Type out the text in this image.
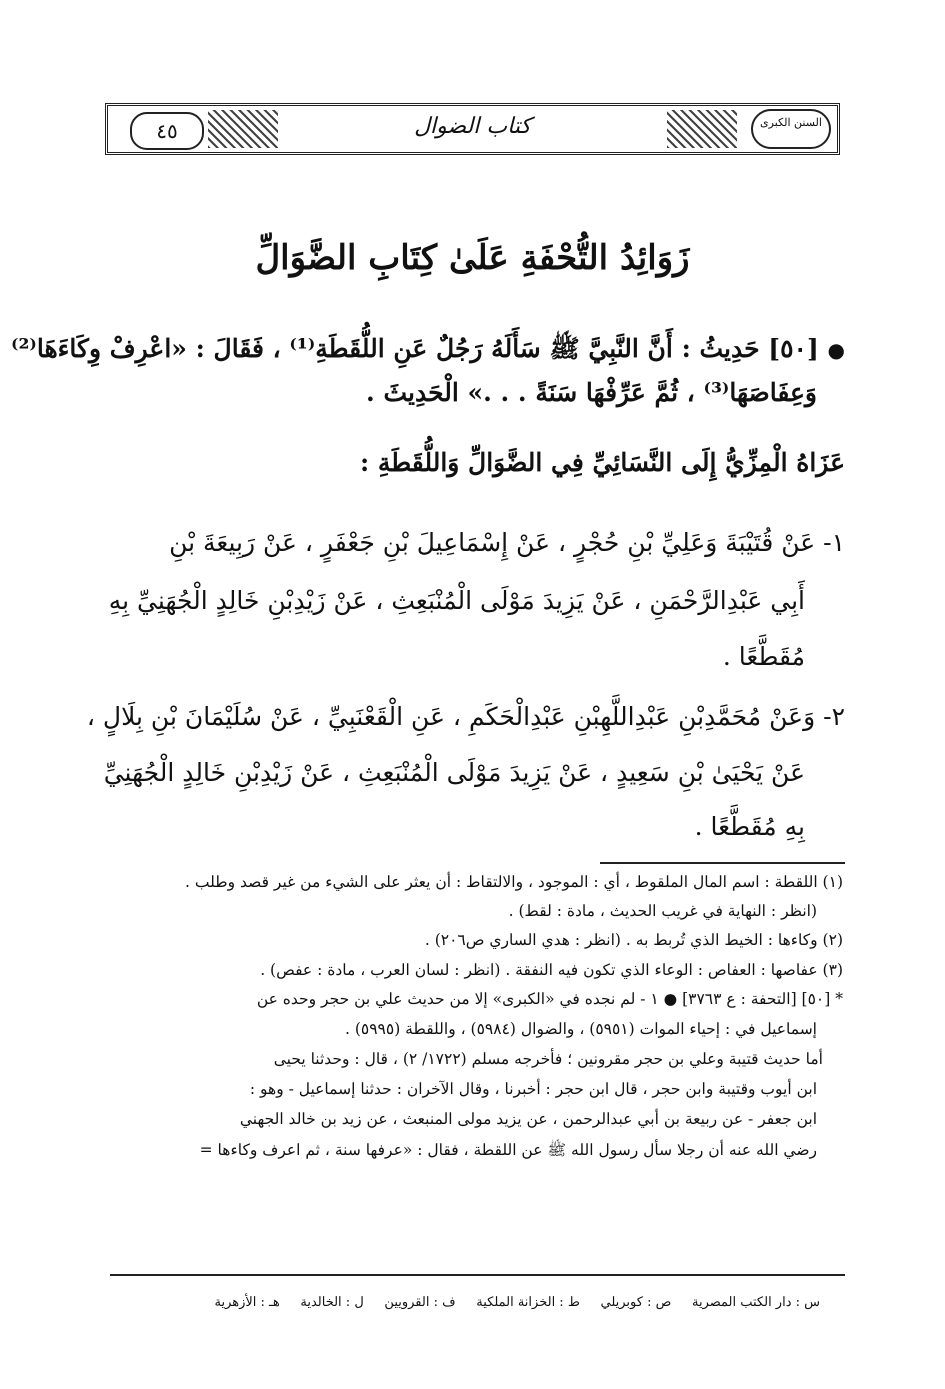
٤٥	كتاب الضوال	السنن الكبرى
زَوَائِدُ التُّحْفَةِ عَلَىٰ كِتَابِ الضَّوَالِّ
● [٥٠] حَدِيثُ : أَنَّ النَّبِيَّ ﷺ سَأَلَهُ رَجُلٌ عَنِ اللُّقَطَةِ⁽¹⁾ ، فَقَالَ : «اعْرِفْ وِكَاءَهَا⁽²⁾
وَعِفَاصَهَا⁽³⁾ ، ثُمَّ عَرِّفْهَا سَنَةً . . .» الْحَدِيثَ .
عَزَاهُ الْمِزِّيُّ إِلَى النَّسَائِيِّ فِي الضَّوَالِّ وَاللُّقَطَةِ :
١- عَنْ قُتَيْبَةَ وَعَلِيِّ بْنِ حُجْرٍ ، عَنْ إِسْمَاعِيلَ بْنِ جَعْفَرٍ ، عَنْ رَبِيعَةَ بْنِ
أَبِي عَبْدِالرَّحْمَنِ ، عَنْ يَزِيدَ مَوْلَى الْمُنْبَعِثِ ، عَنْ زَيْدِبْنِ خَالِدٍ الْجُهَنِيِّ بِهِ
مُقَطَّعًا .
٢- وَعَنْ مُحَمَّدِبْنِ عَبْدِاللَّهِبْنِ عَبْدِالْحَكَمِ ، عَنِ الْقَعْنَبِيِّ ، عَنْ سُلَيْمَانَ بْنِ بِلَالٍ ،
عَنْ يَحْيَىٰ بْنِ سَعِيدٍ ، عَنْ يَزِيدَ مَوْلَى الْمُنْبَعِثِ ، عَنْ زَيْدِبْنِ خَالِدٍ الْجُهَنِيِّ
بِهِ مُقَطَّعًا .
(١) اللقطة : اسم المال الملقوط ، أي : الموجود ، والالتقاط : أن يعثر على الشيء من غير قصد وطلب .
(انظر : النهاية في غريب الحديث ، مادة : لقط) .
(٢) وكاءها : الخيط الذي تُربط به . (انظر : هدي الساري ص٢٠٦) .
(٣) عفاصها : العفاص : الوعاء الذي تكون فيه النفقة . (انظر : لسان العرب ، مادة : عفص) .
* [٥٠] [التحفة : ع ٣٧٦٣] ● ١ - لم نجده في «الكبرى» إلا من حديث علي بن حجر وحده عن
إسماعيل في : إحياء الموات (٥٩٥١) ، والضوال (٥٩٨٤) ، واللقطة (٥٩٩٥) .
أما حديث قتيبة وعلي بن حجر مقرونين ؛ فأخرجه مسلم (١٧٢٢/ ٢) ، قال : وحدثنا يحيى
ابن أيوب وقتيبة وابن حجر ، قال ابن حجر : أخبرنا ، وقال الآخران : حدثنا إسماعيل - وهو :
ابن جعفر - عن ربيعة بن أبي عبدالرحمن ، عن يزيد مولى المنبعث ، عن زيد بن خالد الجهني
رضي الله عنه أن رجلا سأل رسول الله ﷺ عن اللقطة ، فقال : «عرفها سنة ، ثم اعرف وكاءها =
س : دار الكتب المصرية     ص : كوبريلي     ط : الخزانة الملكية     ف : القرويين     ل : الخالدية     هـ : الأزهرية
